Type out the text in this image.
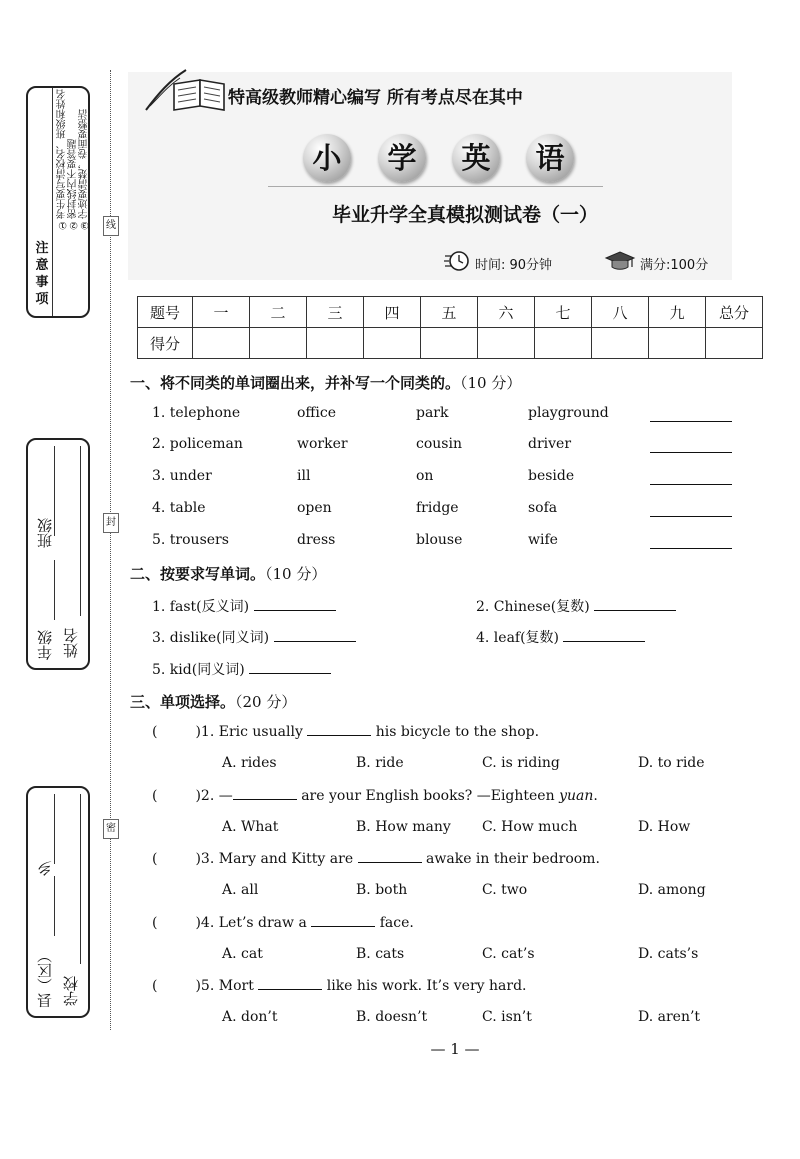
线
封
密
注
意
事
项
①考生要写清校名、班级和姓名 ②密封线内不要答题 ③字迹要清楚，卷面要整洁
年级
班级
姓名
县（区）
乡
学校
特高级教师精心编写 所有考点尽在其中
小	学	英	语
毕业升学全真模拟测试卷（一）
时间: 90分钟	满分:100分
题号	一	二	三	四	五	六	七	八	九	总分
得分										
一、将不同类的单词圈出来，并补写一个同类的。（10 分）
1. telephone	office	park	playground
2. policeman	worker	cousin	driver
3. under	ill	on	beside
4. table	open	fridge	sofa
5. trousers	dress	blouse	wife
二、按要求写单词。（10 分）
1. fast(反义词)	2. Chinese(复数)
3. dislike(同义词)	4. leaf(复数)
5. kid(同义词)
三、单项选择。（20 分）
(	)1. Eric usually	his bicycle to the shop.
A. rides	B. ride	C. is riding	D. to ride
(	)2. —	are your English books? —Eighteen yuan.
A. What	B. How many C. How much	D. How
(	)3. Mary and Kitty are	awake in their bedroom.
A. all	B. both	C. two	D. among
(	)4. Let’s draw a	face.
A. cat	B. cats	C. cat’s	D. cats’s
(	)5. Mort	like his work. It’s very hard.
A. don’t	B. doesn’t	C. isn’t	D. aren’t
— 1 —
